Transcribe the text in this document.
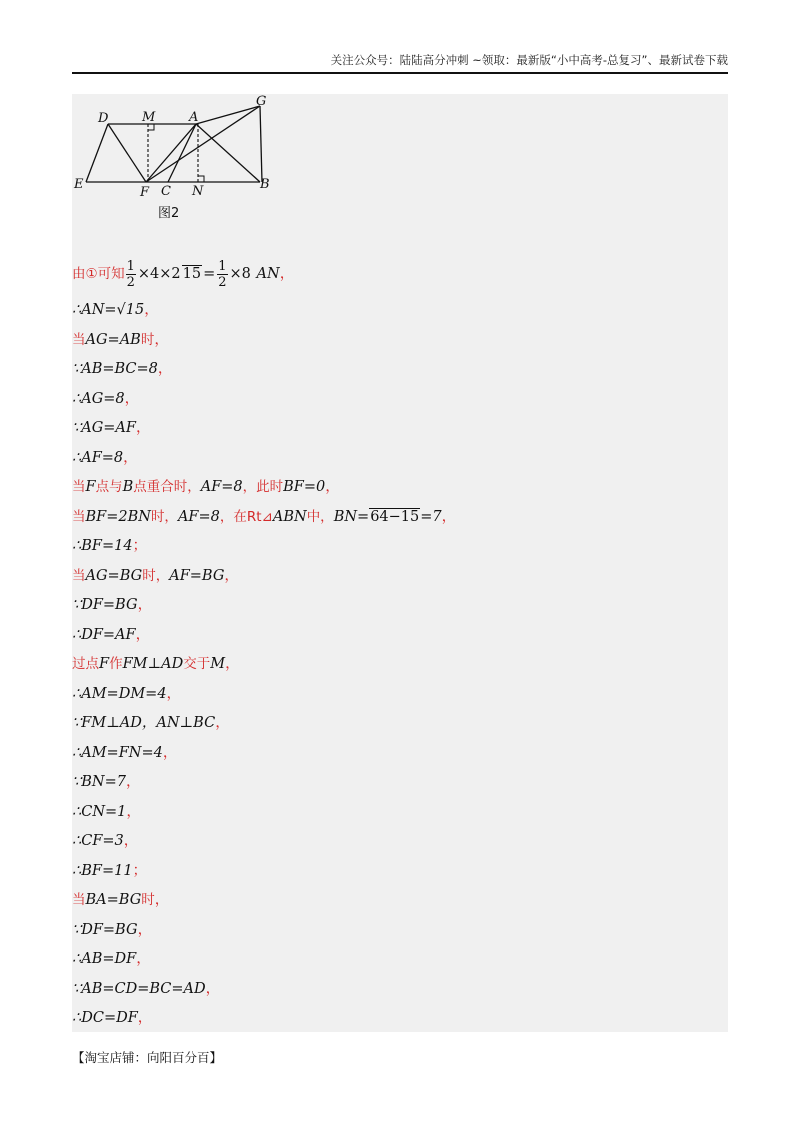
关注公众号：陆陆高分冲刺 ~领取：最新版“小中高考-总复习”、最新试卷下载
D	M	A
G
E
F C N	B
图2
由①可知 $\frac{1}{2} \times 4\times 2$ $15 = \frac{1}{2} \times 8$ AN，
∴AN=√15，
当AG=AB时，
∵AB=BC=8，
∴AG=8，
∵AG=AF，
∴AF=8，
当F点与B点重合时，AF=8，此时BF=0，
当BF=2BN时，AF=8，在Rt⊿ABN中，BN=64−15=7，
∴BF=14；
当AG=BG时，AF=BG，
∵DF=BG，
∴DF=AF，
过点F作FM⊥AD交于M，
∴AM=DM=4，
∵FM⊥AD，AN⊥BC，
∴AM=FN=4，
∵BN=7，
∴CN=1，
∴CF=3，
∴BF=11；
当BA=BG时，
∵DF=BG，
∴AB=DF，
∵AB=CD=BC=AD，
∴DC=DF，
【淘宝店铺：向阳百分百】
